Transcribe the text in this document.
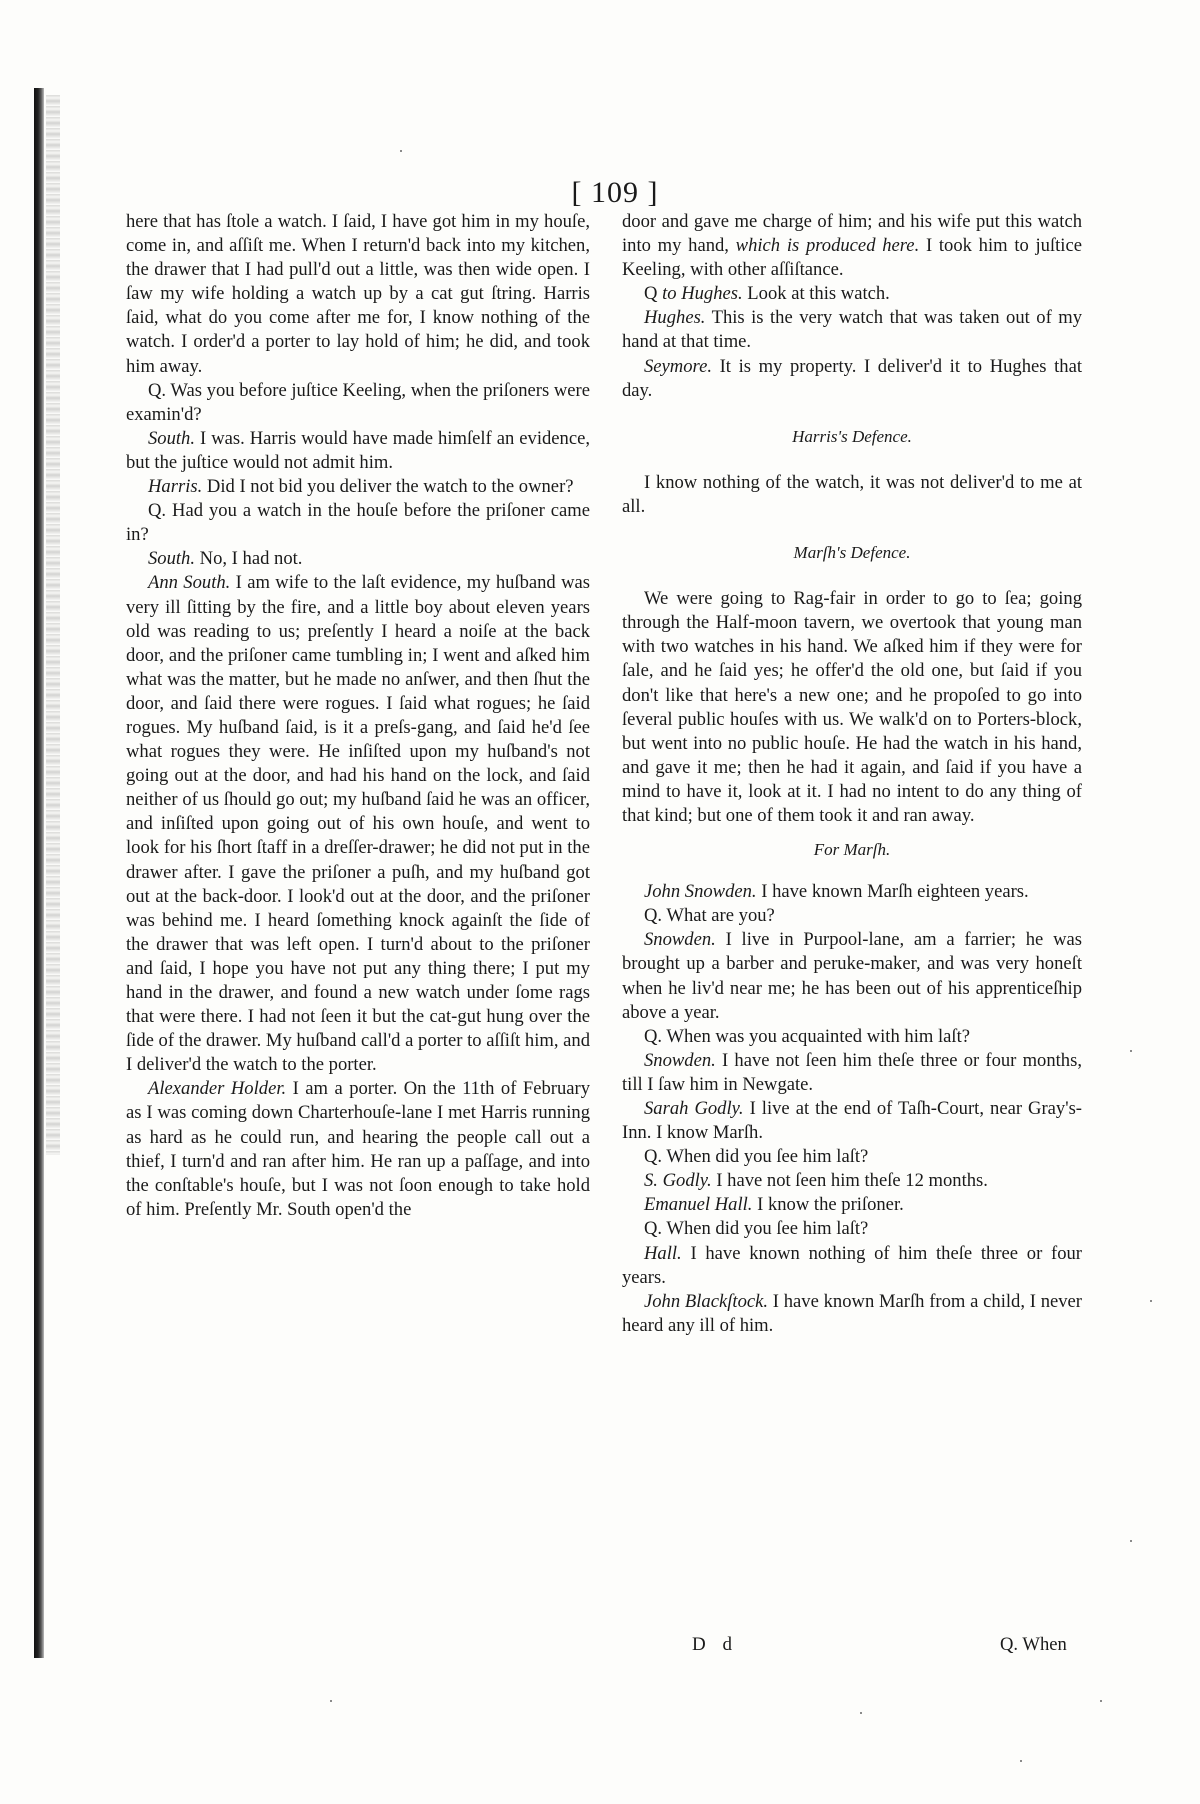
[ 109 ]

here that has ſtole a watch. I ſaid, I have got him in my houſe, come in, and aſſiſt me. When I return'd back into my kitchen, the drawer that I had pull'd out a little, was then wide open. I ſaw my wife holding a watch up by a cat gut ſtring. Harris ſaid, what do you come after me for, I know nothing of the watch. I order'd a porter to lay hold of him; he did, and took him away.

Q. Was you before juſtice Keeling, when the priſoners were examin'd?

South. I was. Harris would have made himſelf an evidence, but the juſtice would not admit him.

Harris. Did I not bid you deliver the watch to the owner?

Q. Had you a watch in the houſe before the priſoner came in?

South. No, I had not.

Ann South. I am wife to the laſt evidence, my huſband was very ill ſitting by the fire, and a little boy about eleven years old was reading to us; preſently I heard a noiſe at the back door, and the priſoner came tumbling in; I went and aſked him what was the matter, but he made no anſwer, and then ſhut the door, and ſaid there were rogues. I ſaid what rogues; he ſaid rogues. My huſband ſaid, is it a preſs-gang, and ſaid he'd ſee what rogues they were. He inſiſted upon my huſband's not going out at the door, and had his hand on the lock, and ſaid neither of us ſhould go out; my huſband ſaid he was an officer, and inſiſted upon going out of his own houſe, and went to look for his ſhort ſtaff in a dreſſer-drawer; he did not put in the drawer after. I gave the priſoner a puſh, and my huſband got out at the back-door. I look'd out at the door, and the priſoner was behind me. I heard ſomething knock againſt the ſide of the drawer that was left open. I turn'd about to the priſoner and ſaid, I hope you have not put any thing there; I put my hand in the drawer, and found a new watch under ſome rags that were there. I had not ſeen it but the cat-gut hung over the ſide of the drawer. My huſband call'd a porter to aſſiſt him, and I deliver'd the watch to the porter.

Alexander Holder. I am a porter. On the 11th of February as I was coming down Charterhouſe-lane I met Harris running as hard as he could run, and hearing the people call out a thief, I turn'd and ran after him. He ran up a paſſage, and into the conſtable's houſe, but I was not ſoon enough to take hold of him. Preſently Mr. South open'd the

door and gave me charge of him; and his wife put this watch into my hand, which is produced here. I took him to juſtice Keeling, with other aſſiſtance.

Q to Hughes. Look at this watch.

Hughes. This is the very watch that was taken out of my hand at that time.

Seymore. It is my property. I deliver'd it to Hughes that day.

Harris's Defence.

I know nothing of the watch, it was not deliver'd to me at all.

Marſh's Defence.

We were going to Rag-fair in order to go to ſea; going through the Half-moon tavern, we overtook that young man with two watches in his hand. We aſked him if they were for ſale, and he ſaid yes; he offer'd the old one, but ſaid if you don't like that here's a new one; and he propoſed to go into ſeveral public houſes with us. We walk'd on to Porters-block, but went into no public houſe. He had the watch in his hand, and gave it me; then he had it again, and ſaid if you have a mind to have it, look at it. I had no intent to do any thing of that kind; but one of them took it and ran away.

For Marſh.

John Snowden. I have known Marſh eighteen years.

Q. What are you?

Snowden. I live in Purpool-lane, am a farrier; he was brought up a barber and peruke-maker, and was very honeſt when he liv'd near me; he has been out of his apprenticeſhip above a year.

Q. When was you acquainted with him laſt?

Snowden. I have not ſeen him theſe three or four months, till I ſaw him in Newgate.

Sarah Godly. I live at the end of Taſh-Court, near Gray's-Inn. I know Marſh.

Q. When did you ſee him laſt?

S. Godly. I have not ſeen him theſe 12 months.

Emanuel Hall. I know the priſoner.

Q. When did you ſee him laſt?

Hall. I have known nothing of him theſe three or four years.

John Blackſtock. I have known Marſh from a child, I never heard any ill of him.

D d	Q. When
